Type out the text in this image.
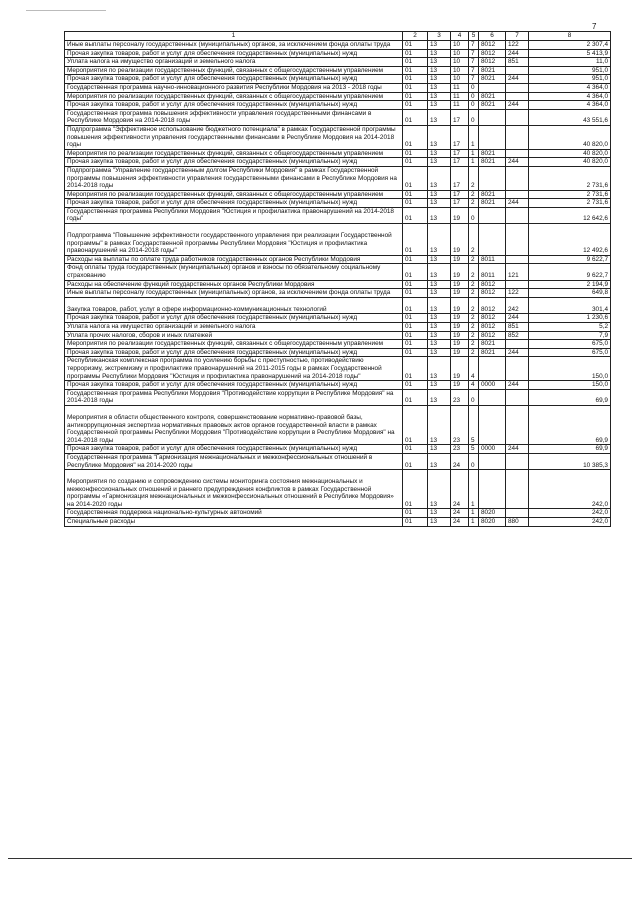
7
1	2	3	4	5	6	7	8
Иные выплаты персоналу государственных (муниципальных) органов, за исключением фонда оплаты труда	01	13	10	7	8012	122	2 307,4
Прочая закупка товаров, работ и услуг для обеспечения государственных (муниципальных) нужд	01	13	10	7	8012	244	5 413,9
Уплата налога на имущество организаций и земельного налога	01	13	10	7	8012	851	11,0
Мероприятия по реализации государственных функций, связанных с общегосударственным управлением	01	13	10	7	8021		951,0
Прочая закупка товаров, работ и услуг для обеспечения государственных (муниципальных) нужд	01	13	10	7	8021	244	951,0
Государственная программа научно-инновационного развития Республики Мордовия на 2013 - 2018 годы	01	13	11	0			4 364,0
Мероприятия по реализации государственных функций, связанных с общегосударственным управлением	01	13	11	0	8021		4 364,0
Прочая закупка товаров, работ и услуг для обеспечения государственных (муниципальных) нужд	01	13	11	0	8021	244	4 364,0
Государственная программа повышения эффективности управления государственными финансами в Республике Мордовия на 2014-2018 годы	01	13	17	0			43 551,6
Подпрограмма "Эффективное использование бюджетного потенциала" в рамках Государственной программы повышения эффективности управления государственными финансами в Республике Мордовия на 2014-2018 годы	01	13	17	1			40 820,0
Мероприятия по реализации государственных функций, связанных с общегосударственным управлением	01	13	17	1	8021		40 820,0
Прочая закупка товаров, работ и услуг для обеспечения государственных (муниципальных) нужд	01	13	17	1	8021	244	40 820,0
Подпрограмма "Управление государственным долгом Республики Мордовия" в рамках Государственной программы повышения эффективности управления государственными финансами в Республике Мордовия на 2014-2018 годы	01	13	17	2			2 731,6
Мероприятия по реализации государственных функций, связанных с общегосударственным управлением	01	13	17	2	8021		2 731,6
Прочая закупка товаров, работ и услуг для обеспечения государственных (муниципальных) нужд	01	13	17	2	8021	244	2 731,6
Государственная программа Республики Мордовия "Юстиция и профилактика правонарушений на 2014-2018 годы"	01	13	19	0			12 642,6
Подпрограмма "Повышение эффективности государственного управления при реализации Государственной программы" в рамках Государственной программы Республики Мордовия "Юстиция и профилактика правонарушений на 2014-2018 годы"	01	13	19	2			12 492,6
Расходы на выплаты по оплате труда работников государственных органов Республики Мордовия	01	13	19	2	8011		9 622,7
Фонд оплаты труда государственных (муниципальных) органов и взносы по обязательному социальному страхованию	01	13	19	2	8011	121	9 622,7
Расходы на обеспечение функций государственных органов Республики Мордовия	01	13	19	2	8012		2 194,9
Иные выплаты персоналу государственных (муниципальных) органов, за исключением фонда оплаты труда	01	13	19	2	8012	122	649,8
Закупка товаров, работ, услуг в сфере информационно-коммуникационных технологий	01	13	19	2	8012	242	301,4
Прочая закупка товаров, работ и услуг для обеспечения государственных (муниципальных) нужд	01	13	19	2	8012	244	1 230,6
Уплата налога на имущество организаций и земельного налога	01	13	19	2	8012	851	5,2
Уплата прочих налогов, сборов и иных платежей	01	13	19	2	8012	852	7,9
Мероприятия по реализации государственных функций, связанных с общегосударственным управлением	01	13	19	2	8021		675,0
Прочая закупка товаров, работ и услуг для обеспечения государственных (муниципальных) нужд	01	13	19	2	8021	244	675,0
Республиканская комплексная программа по усилению борьбы с преступностью, противодействию терроризму, экстремизму и профилактике правонарушений на 2011-2015 годы в рамках Государственной программы Республики Мордовия "Юстиция и профилактика правонарушений на 2014-2018 годы"	01	13	19	4			150,0
Прочая закупка товаров, работ и услуг для обеспечения государственных (муниципальных) нужд	01	13	19	4	0000	244	150,0
Государственная программа Республики Мордовия "Противодействие коррупции в Республике Мордовия" на 2014-2018 годы	01	13	23	0			69,9
Мероприятия в области общественного контроля, совершенствование нормативно-правовой базы, антикоррупционная экспертиза нормативных правовых актов органов государственной власти в рамках Государственной программы Республики Мордовия "Противодействие коррупции в Республике Мордовия" на 2014-2018 годы	01	13	23	5			69,9
Прочая закупка товаров, работ и услуг для обеспечения государственных (муниципальных) нужд	01	13	23	5	0000	244	69,9
Государственная программа "Гармонизация межнациональных и межконфессиональных отношений в Республике Мордовия" на 2014-2020 годы	01	13	24	0			10 385,3
Мероприятия по созданию и сопровождению системы мониторинга состояния межнациональных и межконфессиональных отношений и раннего предупреждения конфликтов в рамках Государственной программы «Гармонизация межнациональных и межконфессиональных отношений в Республике Мордовия» на 2014-2020 годы	01	13	24	1			242,0
Государственная поддержка национально-культурных автономий	01	13	24	1	8020		242,0
Специальные расходы	01	13	24	1	8020	880	242,0
